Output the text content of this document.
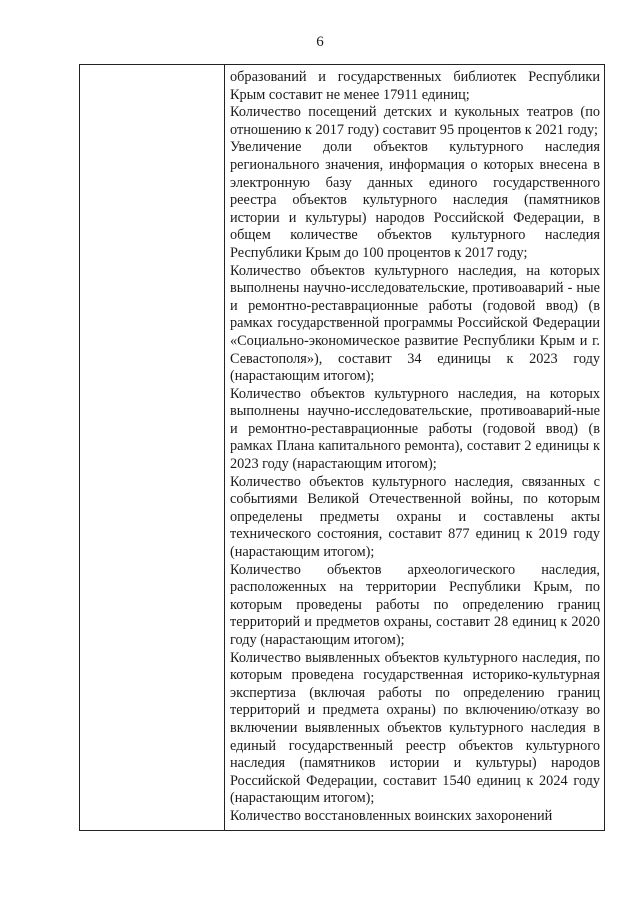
6

образований и государственных библиотек Республики Крым составит не менее 17911 единиц;

Количество посещений детских и кукольных театров (по отношению к 2017 году) составит 95 процентов к 2021 году;

Увеличение доли объектов культурного наследия регионального значения, информация о которых внесена в электронную базу данных единого государственного реестра объектов культурного наследия (памятников истории и культуры) народов Российской Федерации, в общем количестве объектов культурного наследия Республики Крым до 100 процентов к 2017 году;

Количество объектов культурного наследия, на которых выполнены научно-исследовательские, противоаварий - ные и ремонтно-реставрационные работы (годовой ввод) (в рамках государственной программы Российской Федерации «Социально-экономическое развитие Республики Крым и г. Севастополя»), составит 34 единицы к 2023 году (нарастающим итогом);

Количество объектов культурного наследия, на которых выполнены научно-исследовательские, противоаварий-ные и ремонтно-реставрационные работы (годовой ввод) (в рамках Плана капитального ремонта), составит 2 единицы к 2023 году (нарастающим итогом);

Количество объектов культурного наследия, связанных с событиями Великой Отечественной войны, по которым определены предметы охраны и составлены акты технического состояния, составит 877 единиц к 2019 году (нарастающим итогом);

Количество объектов археологического наследия, расположенных на территории Республики Крым, по которым проведены работы по определению границ территорий и предметов охраны, составит 28 единиц к 2020 году (нарастающим итогом);

Количество выявленных объектов культурного наследия, по которым проведена государственная историко-культурная экспертиза (включая работы по определению границ территорий и предмета охраны) по включению/отказу во включении выявленных объектов культурного наследия в единый государственный реестр объектов культурного наследия (памятников истории и культуры) народов Российской Федерации, составит 1540 единиц к 2024 году (нарастающим итогом);

Количество восстановленных воинских захоронений
